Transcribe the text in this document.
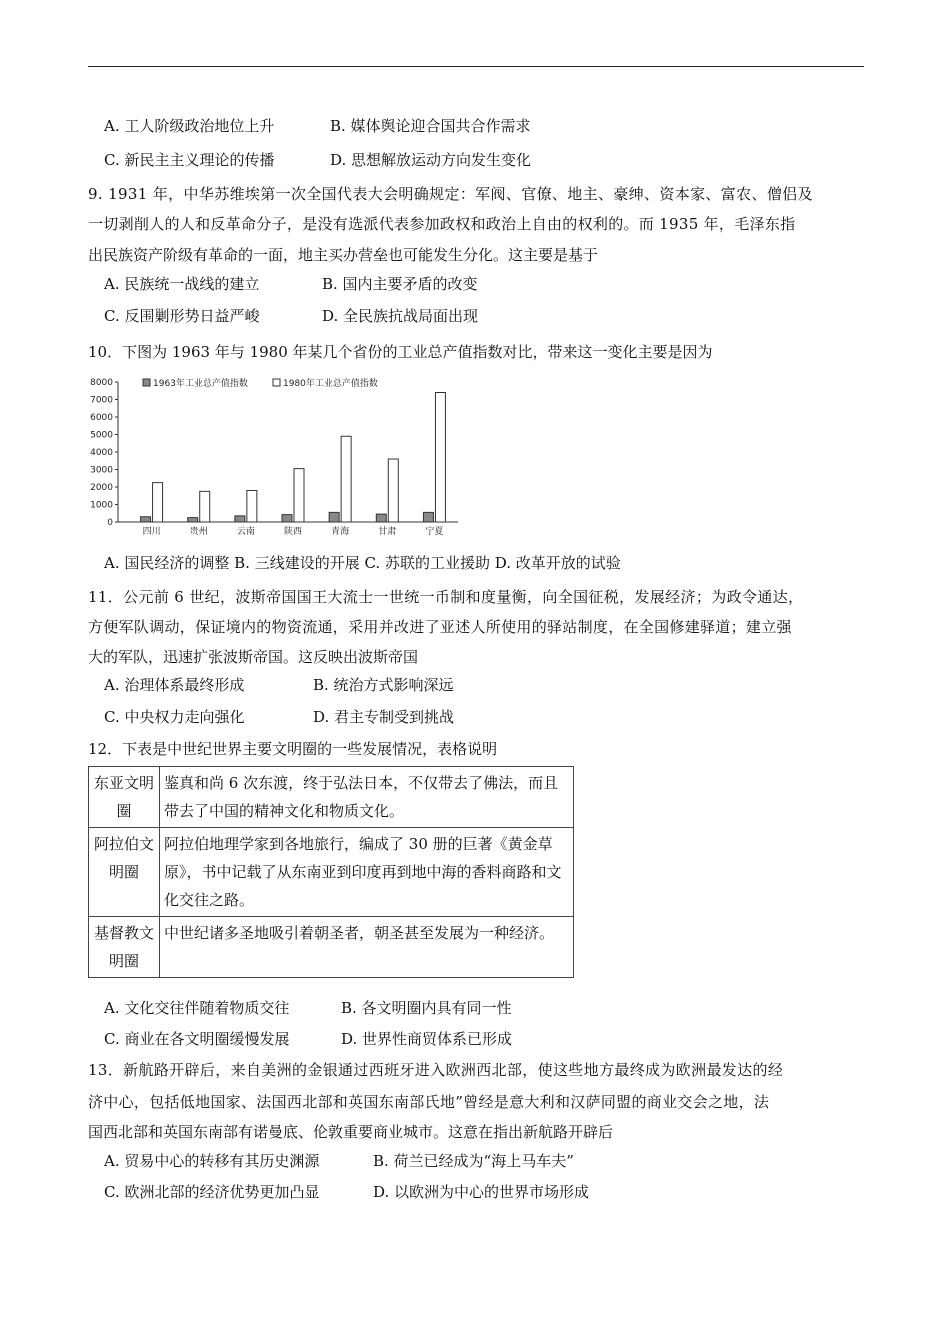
A. 工人阶级政治地位上升	B. 媒体舆论迎合国共合作需求
C. 新民主主义理论的传播	D. 思想解放运动方向发生变化
9. 1931 年，中华苏维埃第一次全国代表大会明确规定：军阀、官僚、地主、豪绅、资本家、富农、僧侣及
一切剥削人的人和反革命分子，是没有选派代表参加政权和政治上自由的权利的。而 1935 年，毛泽东指
出民族资产阶级有革命的一面，地主买办营垒也可能发生分化。这主要是基于
A. 民族统一战线的建立	B. 国内主要矛盾的改变
C. 反围剿形势日益严峻	D. 全民族抗战局面出现
10．下图为 1963 年与 1980 年某几个省份的工业总产值指数对比，带来这一变化主要是因为
0
1000
2000
3000
4000
5000
6000
7000
8000
四川	贵州	云南	陕西	青海	甘肃	宁夏
1963年工业总产值指数	1980年工业总产值指数
A. 国民经济的调整 B. 三线建设的开展 C. 苏联的工业援助 D. 改革开放的试验
11．公元前 6 世纪，波斯帝国国王大流士一世统一币制和度量衡，向全国征税，发展经济；为政令通达，
方便军队调动，保证境内的物资流通，采用并改进了亚述人所使用的驿站制度，在全国修建驿道；建立强
大的军队，迅速扩张波斯帝国。这反映出波斯帝国
A. 治理体系最终形成	B. 统治方式影响深远
C. 中央权力走向强化	D. 君主专制受到挑战
12．下表是中世纪世界主要文明圈的一些发展情况，表格说明
东亚文明圈	鉴真和尚 6 次东渡，终于弘法日本，不仅带去了佛法，而且带去了中国的精神文化和物质文化。
阿拉伯文明圈	阿拉伯地理学家到各地旅行，编成了 30 册的巨著《黄金草原》，书中记载了从东南亚到印度再到地中海的香料商路和文化交往之路。
基督教文明圈	中世纪诸多圣地吸引着朝圣者，朝圣甚至发展为一种经济。
A. 文化交往伴随着物质交往	B. 各文明圈内具有同一性
C. 商业在各文明圈缓慢发展	D. 世界性商贸体系已形成
13．新航路开辟后，来自美洲的金银通过西班牙进入欧洲西北部，使这些地方最终成为欧洲最发达的经
济中心，包括低地国家、法国西北部和英国东南部氏地”曾经是意大利和汉萨同盟的商业交会之地，法
国西北部和英国东南部有诺曼底、伦敦重要商业城市。这意在指出新航路开辟后
A. 贸易中心的转移有其历史渊源	B. 荷兰已经成为“海上马车夫”
C. 欧洲北部的经济优势更加凸显	D. 以欧洲为中心的世界市场形成
